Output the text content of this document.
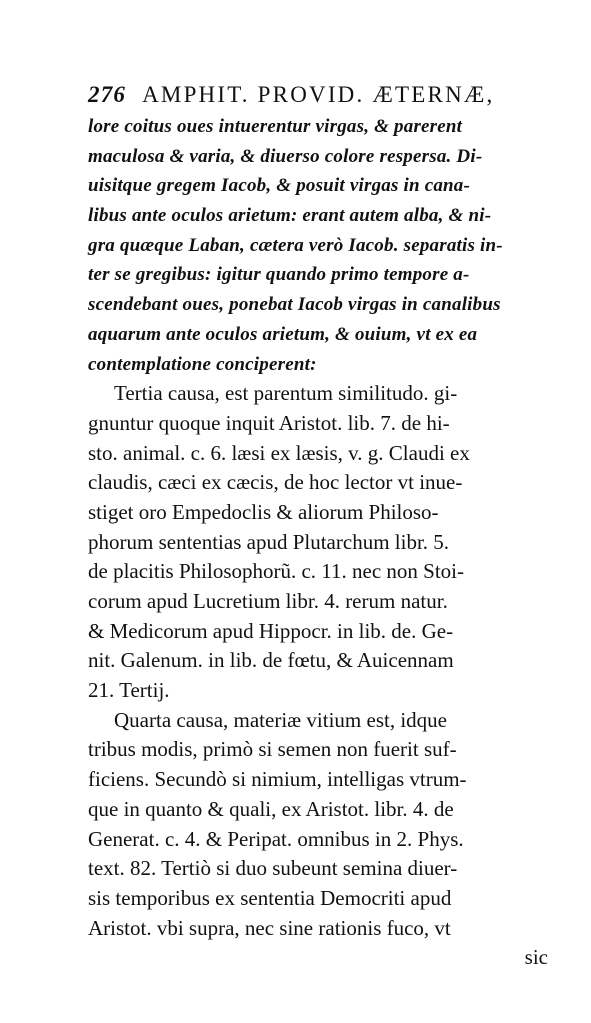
276 AMPHIT. PROVID. ÆTERNÆ,
lore coitus oues intuerentur virgas, & parerent
maculosa & varia, & diuerso colore respersa. Di-
uisitque gregem Iacob, & posuit virgas in cana-
libus ante oculos arietum: erant autem alba, & ni-
gra quæque Laban, cætera verò Iacob. separatis in-
ter se gregibus: igitur quando primo tempore a-
scendebant oues, ponebat Iacob virgas in canalibus
aquarum ante oculos arietum, & ouium, vt ex ea
contemplatione conciperent:
Tertia causa, est parentum similitudo. gi-
gnuntur quoque inquit Aristot. lib. 7. de hi-
sto. animal. c. 6. læsi ex læsis, v. g. Claudi ex
claudis, cæci ex cæcis, de hoc lector vt inue-
stiget oro Empedoclis & aliorum Philoso-
phorum sententias apud Plutarchum libr. 5.
de placitis Philosophorũ. c. 11. nec non Stoi-
corum apud Lucretium libr. 4. rerum natur.
& Medicorum apud Hippocr. in lib. de. Ge-
nit. Galenum. in lib. de fœtu, & Auicennam
21. Tertij.
Quarta causa, materiæ vitium est, idque
tribus modis, primò si semen non fuerit suf-
ficiens. Secundò si nimium, intelligas vtrum-
que in quanto & quali, ex Aristot. libr. 4. de
Generat. c. 4. & Peripat. omnibus in 2. Phys.
text. 82. Tertiò si duo subeunt semina diuer-
sis temporibus ex sententia Democriti apud
Aristot. vbi supra, nec sine rationis fuco, vt
sic
